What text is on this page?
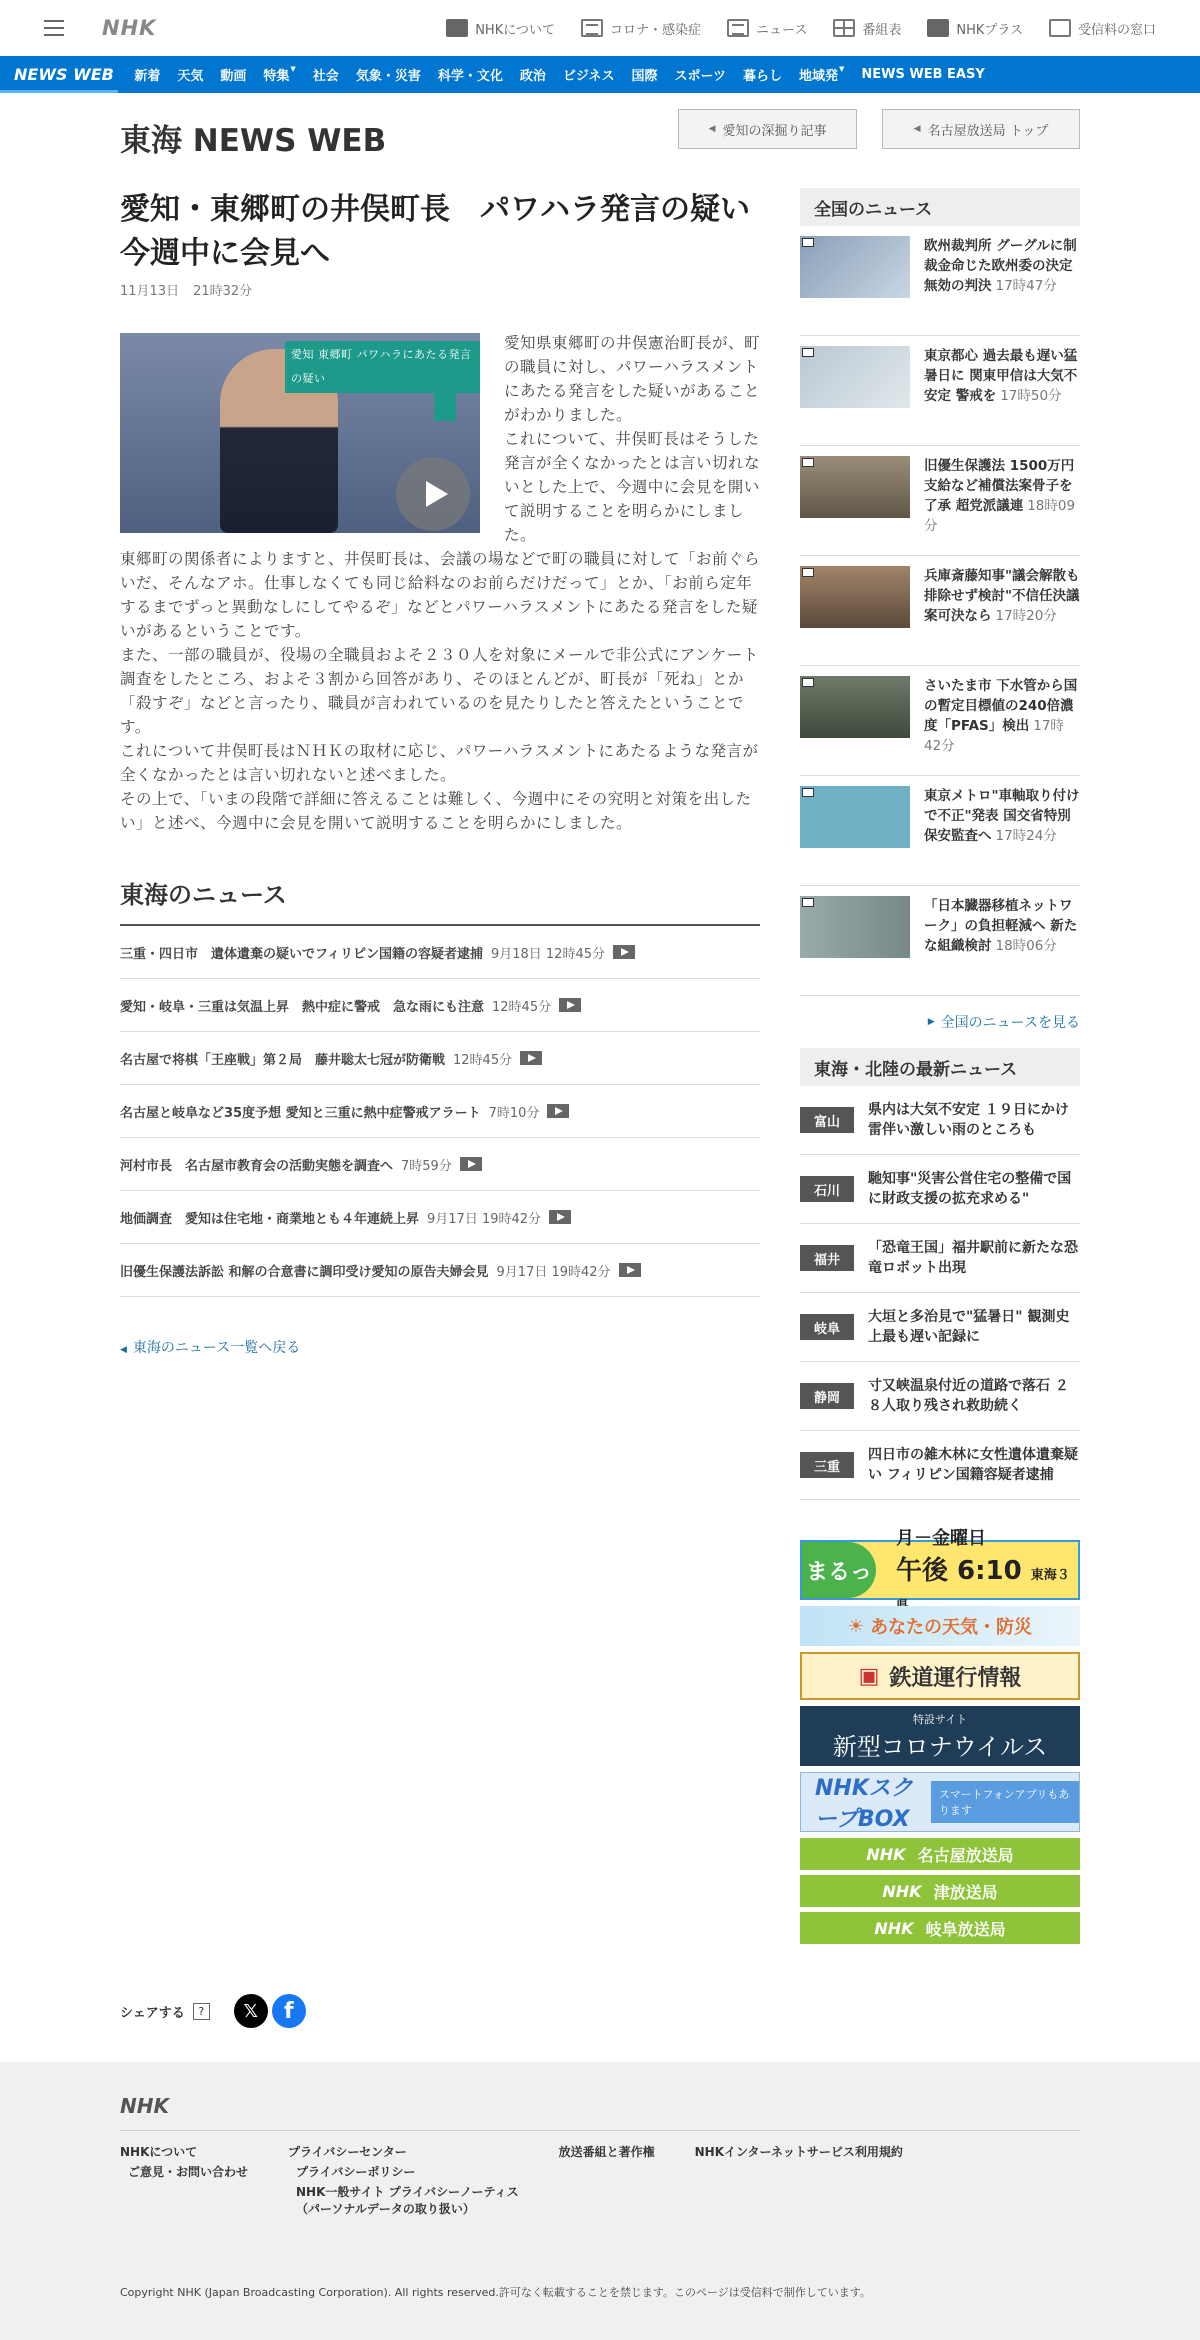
NHK	NHKについて	コロナ・感染症	ニュース	番組表	NHKプラス	受信料の窓口
NEWS WEB	新着	天気	動画	特集▼	社会	気象・災害	科学・文化	政治	ビジネス	国際	スポーツ	暮らし	地域発▼	NEWS WEB EASY
東海 NEWS WEB	◀ 愛知の深掘り記事	◀ 名古屋放送局 トップ
愛知・東郷町の井俣町長　パワハラ発言の疑い　今週中に会見へ
11月13日 21時32分
愛知 東郷町 パワハラにあたる発言の疑い

愛知県東郷町の井俣憲治町長が、町の職員に対し、パワーハラスメントにあたる発言をした疑いがあることがわかりました。

これについて、井俣町長はそうした発言が全くなかったとは言い切れないとした上で、今週中に会見を開いて説明することを明らかにしました。

東郷町の関係者によりますと、井俣町長は、会議の場などで町の職員に対して「お前ぐらいだ、そんなアホ。仕事しなくても同じ給料なのお前らだけだって」とか、「お前ら定年するまでずっと異動なしにしてやるぞ」などとパワーハラスメントにあたる発言をした疑いがあるということです。

また、一部の職員が、役場の全職員およそ２３０人を対象にメールで非公式にアンケート調査をしたところ、およそ３割から回答があり、そのほとんどが、町長が「死ね」とか「殺すぞ」などと言ったり、職員が言われているのを見たりしたと答えたということです。

これについて井俣町長はＮＨＫの取材に応じ、パワーハラスメントにあたるような発言が全くなかったとは言い切れないと述べました。

その上で、「いまの段階で詳細に答えることは難しく、今週中にその究明と対策を出したい」と述べ、今週中に会見を開いて説明することを明らかにしました。

東海のニュース
三重・四日市　遺体遺棄の疑いでフィリピン国籍の容疑者逮捕 9月18日 12時45分
愛知・岐阜・三重は気温上昇　熱中症に警戒　急な雨にも注意 12時45分
名古屋で将棋「王座戦」第２局　藤井聡太七冠が防衛戦 12時45分
名古屋と岐阜など35度予想 愛知と三重に熱中症警戒アラート 7時10分
河村市長　名古屋市教育会の活動実態を調査へ 7時59分
地価調査　愛知は住宅地・商業地とも４年連続上昇 9月17日 19時42分
旧優生保護法訴訟 和解の合意書に調印受け愛知の原告夫婦会見 9月17日 19時42分
◀ 東海のニュース一覧へ戻る
全国のニュース
欧州裁判所 グーグルに制裁金命じた欧州委の決定無効の判決 17時47分
東京都心 過去最も遅い猛暑日に 関東甲信は大気不安定 警戒を 17時50分
旧優生保護法 1500万円支給など補償法案骨子を了承 超党派議連 18時09分
兵庫斎藤知事"議会解散も排除せず検討"不信任決議案可決なら 17時20分
さいたま市 下水管から国の暫定目標値の240倍濃度「PFAS」検出 17時42分
東京メトロ"車軸取り付けで不正"発表 国交省特別保安監査へ 17時24分
「日本臓器移植ネットワーク」の負担軽減へ 新たな組織検討 18時06分
▶ 全国のニュースを見る
東海・北陸の最新ニュース
富山
県内は大気不安定 １９日にかけ雷伴い激しい雨のところも
石川
馳知事"災害公営住宅の整備で国に財政支援の拡充求める"
福井
「恐竜王国」福井駅前に新たな恐竜ロボット出現
岐阜
大垣と多治見で"猛暑日" 観測史上最も遅い記録に
静岡
寸又峡温泉付近の道路で落石 ２８人取り残され救助続く
三重
四日市の雑木林に女性遺体遺棄疑い フィリピン国籍容疑者逮捕
まるっ
月－金曜日
午後 6:10 東海３
☀ あなたの天気・防災
▣ 鉄道運行情報
特設サイト
新型コロナウイルス
NHKスクープBOX
スマートフォンアプリもあります
NHK 名古屋放送局
NHK 津放送局
NHK 岐阜放送局
シェアする	?	𝕏	f
NHK
NHKについて
ご意見・お問い合わせ
プライバシーセンター
プライバシーポリシー
NHK一般サイト プライバシーノーティス
（パーソナルデータの取り扱い）
放送番組と著作権	NHKインターネットサービス利用規約
Copyright NHK (Japan Broadcasting Corporation). All rights reserved.許可なく転載することを禁じます。このページは受信料で制作しています。
